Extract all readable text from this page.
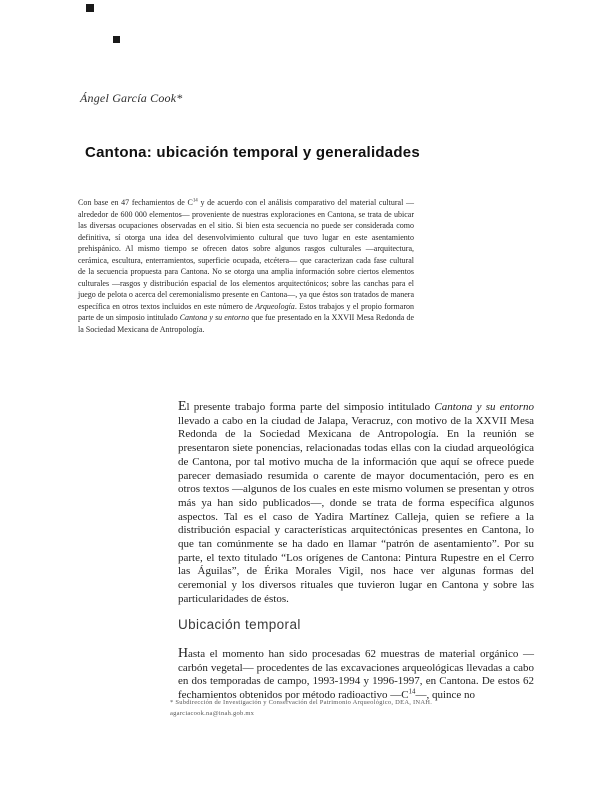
Ángel García Cook*
Cantona: ubicación temporal y generalidades

Con base en 47 fechamientos de $C^{14}$ y de acuerdo con el análisis comparativo del material cultural —alrededor de 600 000 elementos— proveniente de nuestras exploraciones en Cantona, se trata de ubicar las diversas ocupaciones observadas en el sitio. Si bien esta secuencia no puede ser considerada como definitiva, sí otorga una idea del desenvolvimiento cultural que tuvo lugar en este asentamiento prehispánico. Al mismo tiempo se ofrecen datos sobre algunos rasgos culturales —arquitectura, cerámica, escultura, enterramientos, superficie ocupada, etcétera— que caracterizan cada fase cultural de la secuencia propuesta para Cantona. No se otorga una amplia información sobre ciertos elementos culturales —rasgos y distribución espacial de los elementos arquitectónicos; sobre las canchas para el juego de pelota o acerca del ceremonialismo presente en Cantona—, ya que éstos son tratados de manera específica en otros textos incluidos en este número de Arqueología. Estos trabajos y el propio formaron parte de un simposio intitulado Cantona y su entorno que fue presentado en la XXVII Mesa Redonda de la Sociedad Mexicana de Antropología.

El presente trabajo forma parte del simposio intitulado Cantona y su entorno llevado a cabo en la ciudad de Jalapa, Veracruz, con motivo de la XXVII Mesa Redonda de la Sociedad Mexicana de Antropología. En la reunión se presentaron siete ponencias, relacionadas todas ellas con la ciudad arqueológica de Cantona, por tal motivo mucha de la información que aquí se ofrece puede parecer demasiado resumida o carente de mayor documentación, pero es en otros textos —algunos de los cuales en este mismo volumen se presentan y otros más ya han sido publicados—, donde se trata de forma específica algunos aspectos. Tal es el caso de Yadira Martínez Calleja, quien se refiere a la distribución espacial y características arquitectónicas presentes en Cantona, lo que tan comúnmente se ha dado en llamar “patrón de asentamiento”. Por su parte, el texto titulado “Los orígenes de Cantona: Pintura Rupestre en el Cerro las Águilas”, de Érika Morales Vigil, nos hace ver algunas formas del ceremonial y los diversos rituales que tuvieron lugar en Cantona y sobre las particularidades de éstos.

Ubicación temporal

Hasta el momento han sido procesadas 62 muestras de material orgánico —carbón vegetal— procedentes de las excavaciones arqueológicas llevadas a cabo en dos temporadas de campo, 1993-1994 y 1996-1997, en Cantona. De estos 62 fechamientos obtenidos por método radioactivo $—C^{14}—$, quince no

* Subdirección de Investigación y Conservación del Patrimonio Arqueológico, DEA, INAH.
agarciacook.na@inah.gob.mx
